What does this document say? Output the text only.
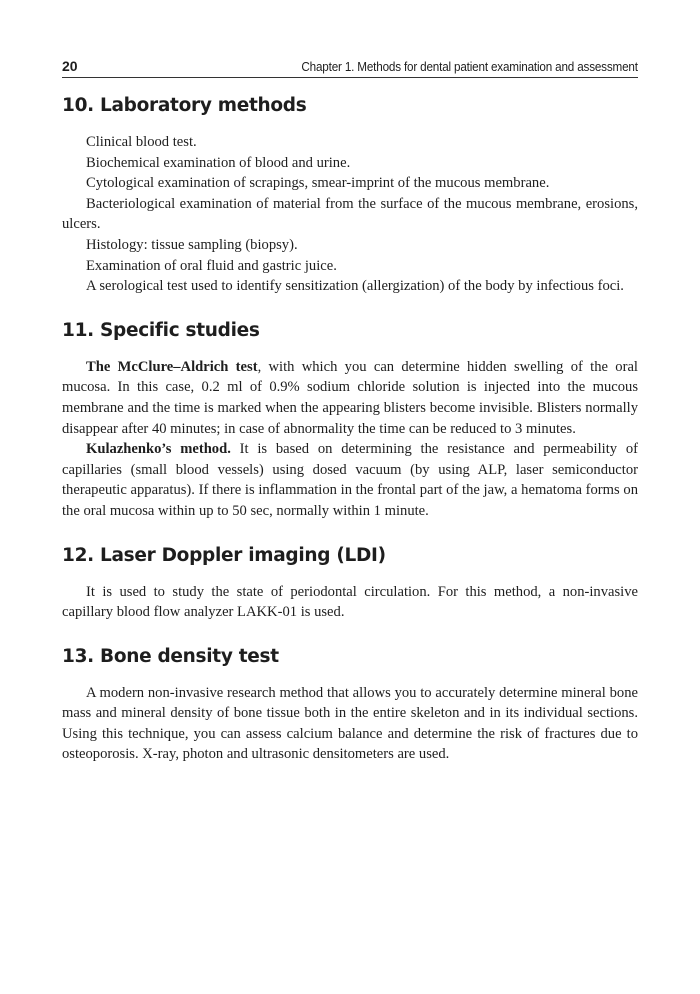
20	Chapter 1. Methods for dental patient examination and assessment
10. Laboratory methods

Clinical blood test.

Biochemical examination of blood and urine.

Cytological examination of scrapings, smear-imprint of the mucous membrane.

Bacteriological examination of material from the surface of the mucous membrane, erosions, ulcers.

Histology: tissue sampling (biopsy).

Examination of oral fluid and gastric juice.

A serological test used to identify sensitization (allergization) of the body by infectious foci.

11. Specific studies

The McClure–Aldrich test, with which you can determine hidden swelling of the oral mucosa. In this case, 0.2 ml of 0.9% sodium chloride solution is injected into the mucous membrane and the time is marked when the appearing blisters become invisible. Blisters normally disappear after 40 minutes; in case of abnormality the time can be reduced to 3 minutes.

Kulazhenko’s method. It is based on determining the resistance and permeability of capillaries (small blood vessels) using dosed vacuum (by using ALP, laser semiconductor therapeutic apparatus). If there is inflammation in the frontal part of the jaw, a hematoma forms on the oral mucosa within up to 50 sec, normally within 1 minute.

12. Laser Doppler imaging (LDI)

It is used to study the state of periodontal circulation. For this method, a non-invasive capillary blood flow analyzer LAKK-01 is used.

13. Bone density test

A modern non-invasive research method that allows you to accurately determine mineral bone mass and mineral density of bone tissue both in the entire skeleton and in its individual sections. Using this technique, you can assess calcium balance and determine the risk of fractures due to osteoporosis. X-ray, photon and ultrasonic densitometers are used.
